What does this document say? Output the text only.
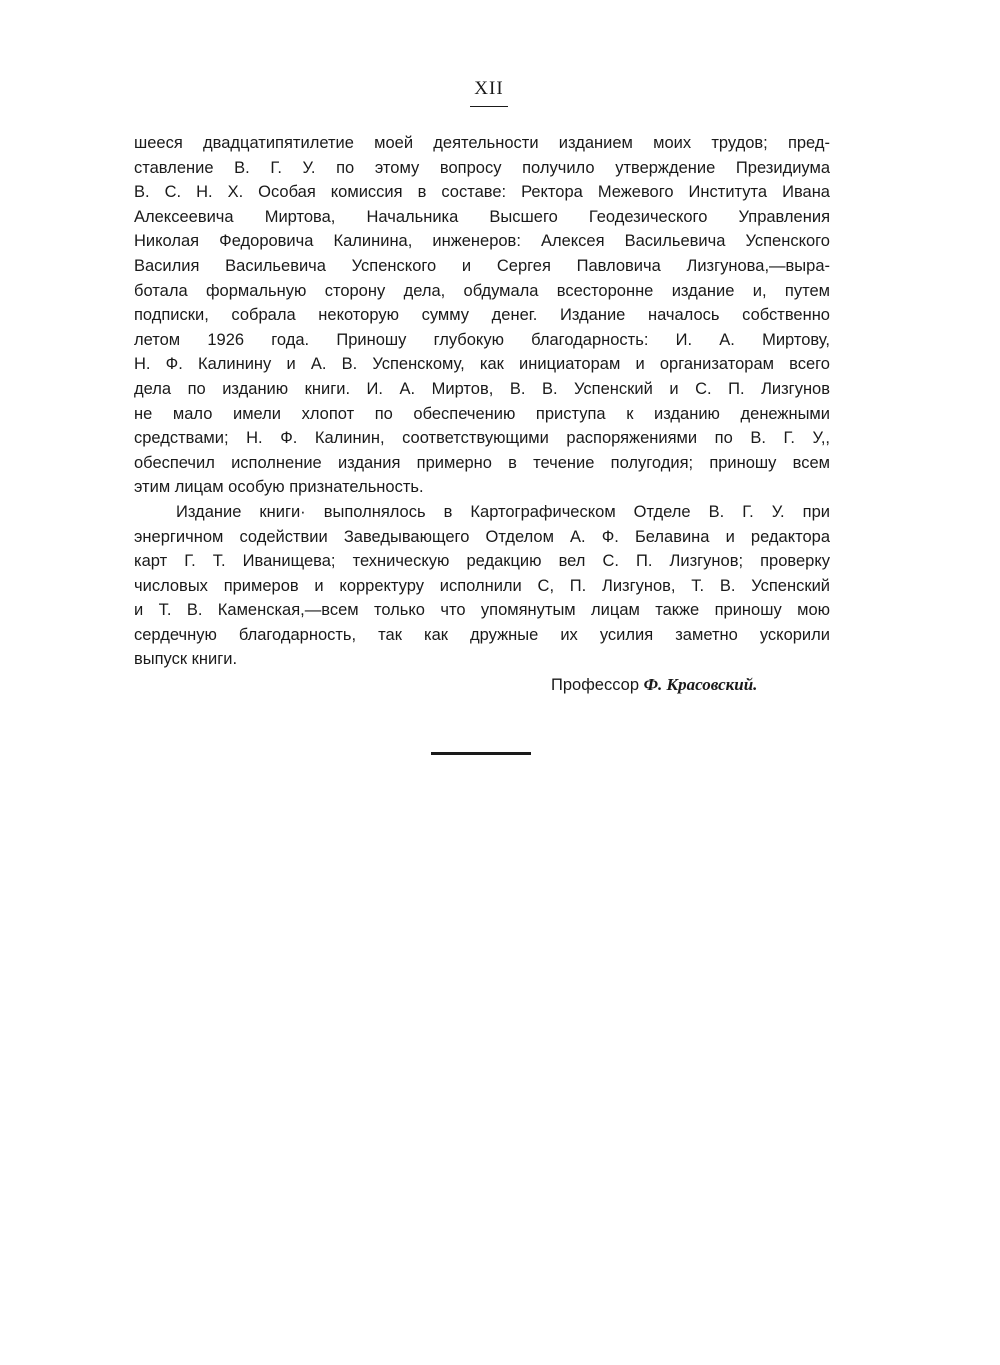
XII
шееся двадцатипятилетие моей деятельности изданием моих трудов; пред-
ставление В. Г. У. по этому вопросу получило утверждение Президиума
В. С. Н. Х. Особая комиссия в составе: Ректора Межевого Института Ивана
Алексеевича Миртова, Начальника Высшего Геодезического Управления
Николая Федоровича Калинина, инженеров: Алексея Васильевича Успенского
Василия Васильевича Успенского и Сергея Павловича Лизгунова,—выра-
ботала формальную сторону дела, обдумала всесторонне издание и, путем
подписки, собрала некоторую сумму денег. Издание началось собственно
летом 1926 года. Приношу глубокую благодарность: И. А. Миртову,
Н. Ф. Калинину и А. В. Успенскому, как инициаторам и организаторам всего
дела по изданию книги. И. А. Миртов, В. В. Успенский и С. П. Лизгунов
не мало имели хлопот по обеспечению приступа к изданию денежными
средствами; Н. Ф. Калинин, соответствующими распоряжениями по В. Г. У,,
обеспечил исполнение издания примерно в течение полугодия; приношу всем
этим лицам особую признательность.
Издание книги· выполнялось в Картографическом Отделе В. Г. У. при
энергичном содействии Заведывающего Отделом А. Ф. Белавина и редактора
карт Г. Т. Иванищева; техническую редакцию вел С. П. Лизгунов; проверку
числовых примеров и корректуру исполнили С, П. Лизгунов, Т. В. Успенский
и Т. В. Каменская,—всем только что упомянутым лицам также приношу мою
сердечную благодарность, так как дружные их усилия заметно ускорили
выпуск книги.
Профессор Ф. Красовский.
